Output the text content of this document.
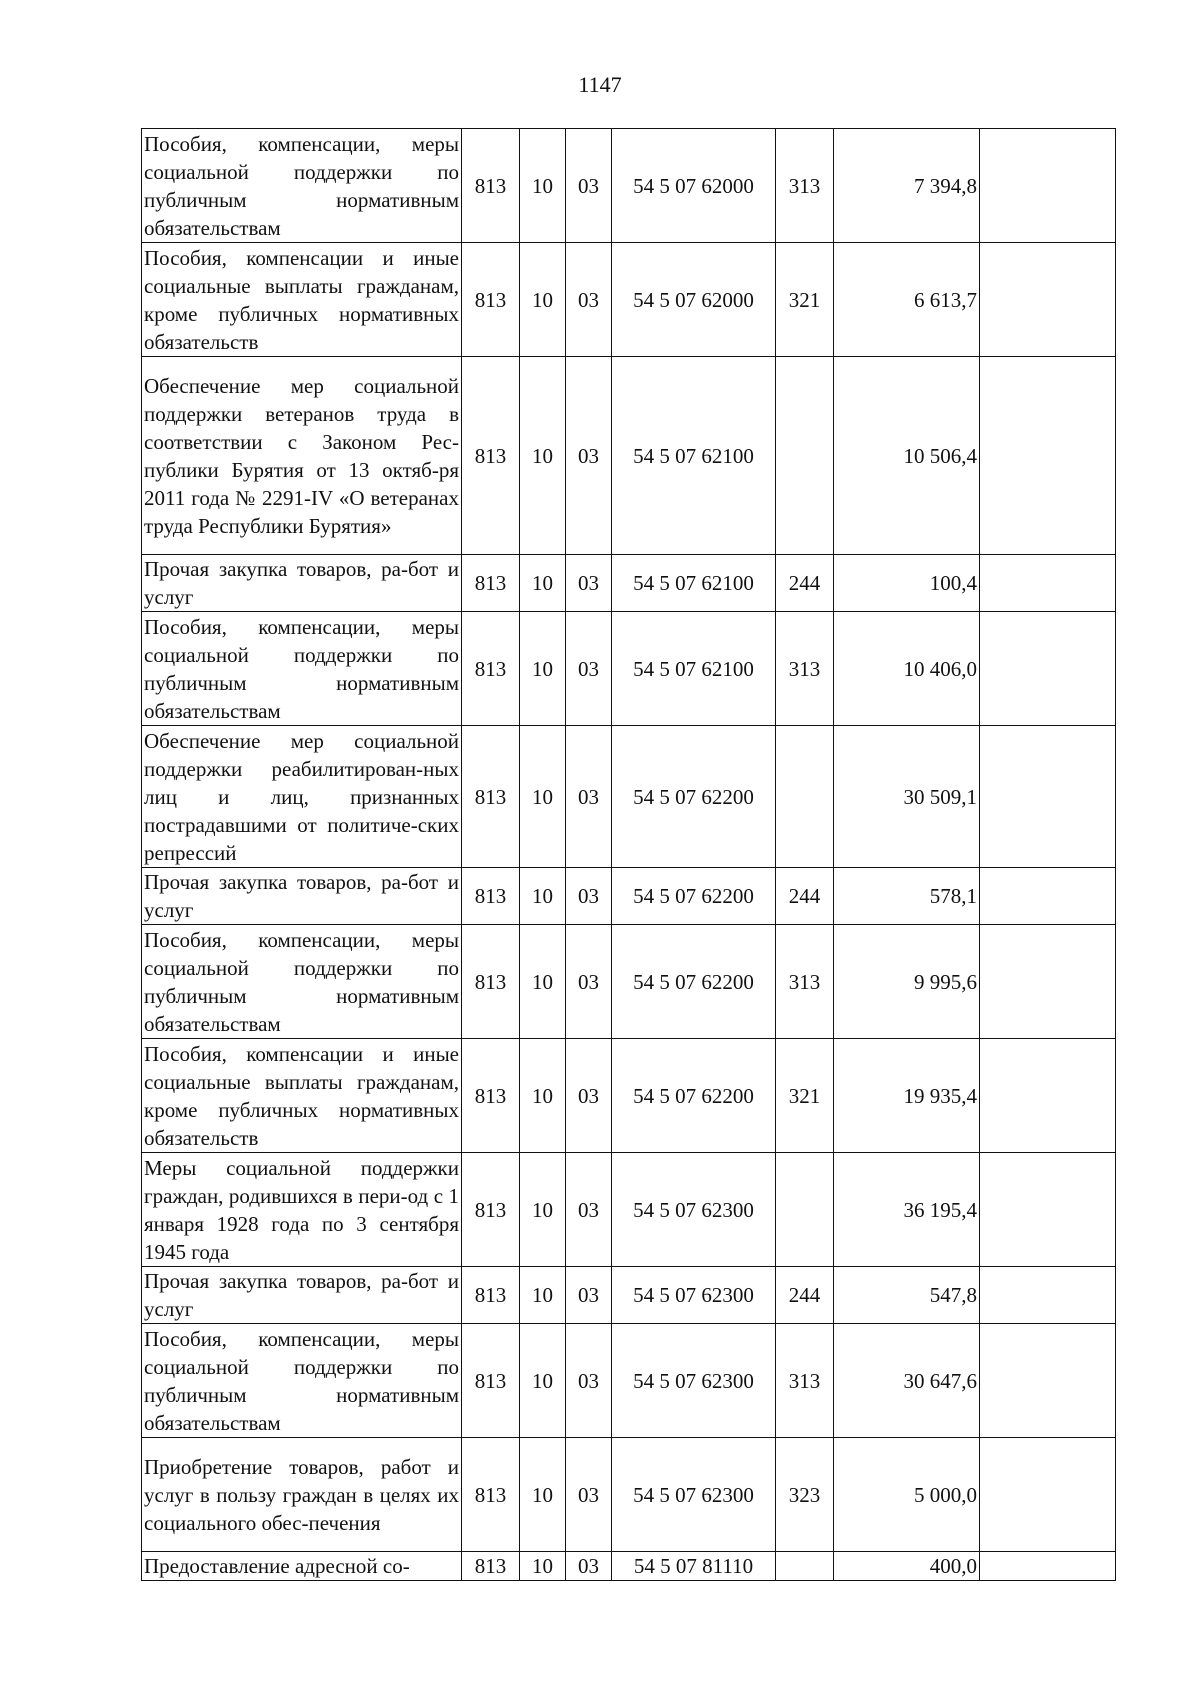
1147
Пособия, компенсации, меры социальной поддержки по публичным нормативным обязательствам	813	10	03	54 5 07 62000	313	7 394,8	
Пособия, компенсации и иные социальные выплаты гражданам, кроме публичных нормативных обязательств	813	10	03	54 5 07 62000	321	6 613,7	
Обеспечение мер социальной поддержки ветеранов труда в соответствии с Законом Рес-публики Бурятия от 13 октяб-ря 2011 года № 2291-IV «О ветеранах труда Республики Бурятия»	813	10	03	54 5 07 62100		10 506,4	
Прочая закупка товаров, ра-бот и услуг	813	10	03	54 5 07 62100	244	100,4	
Пособия, компенсации, меры социальной поддержки по публичным нормативным обязательствам	813	10	03	54 5 07 62100	313	10 406,0	
Обеспечение мер социальной поддержки реабилитирован-ных лиц и лиц, признанных пострадавшими от политиче-ских репрессий	813	10	03	54 5 07 62200		30 509,1	
Прочая закупка товаров, ра-бот и услуг	813	10	03	54 5 07 62200	244	578,1	
Пособия, компенсации, меры социальной поддержки по публичным нормативным обязательствам	813	10	03	54 5 07 62200	313	9 995,6	
Пособия, компенсации и иные социальные выплаты гражданам, кроме публичных нормативных обязательств	813	10	03	54 5 07 62200	321	19 935,4	
Меры социальной поддержки граждан, родившихся в пери-од с 1 января 1928 года по 3 сентября 1945 года	813	10	03	54 5 07 62300		36 195,4	
Прочая закупка товаров, ра-бот и услуг	813	10	03	54 5 07 62300	244	547,8	
Пособия, компенсации, меры социальной поддержки по публичным нормативным обязательствам	813	10	03	54 5 07 62300	313	30 647,6	
Приобретение товаров, работ и услуг в пользу граждан в целях их социального обес-печения	813	10	03	54 5 07 62300	323	5 000,0	
Предоставление адресной со-	813	10	03	54 5 07 81110		400,0	
